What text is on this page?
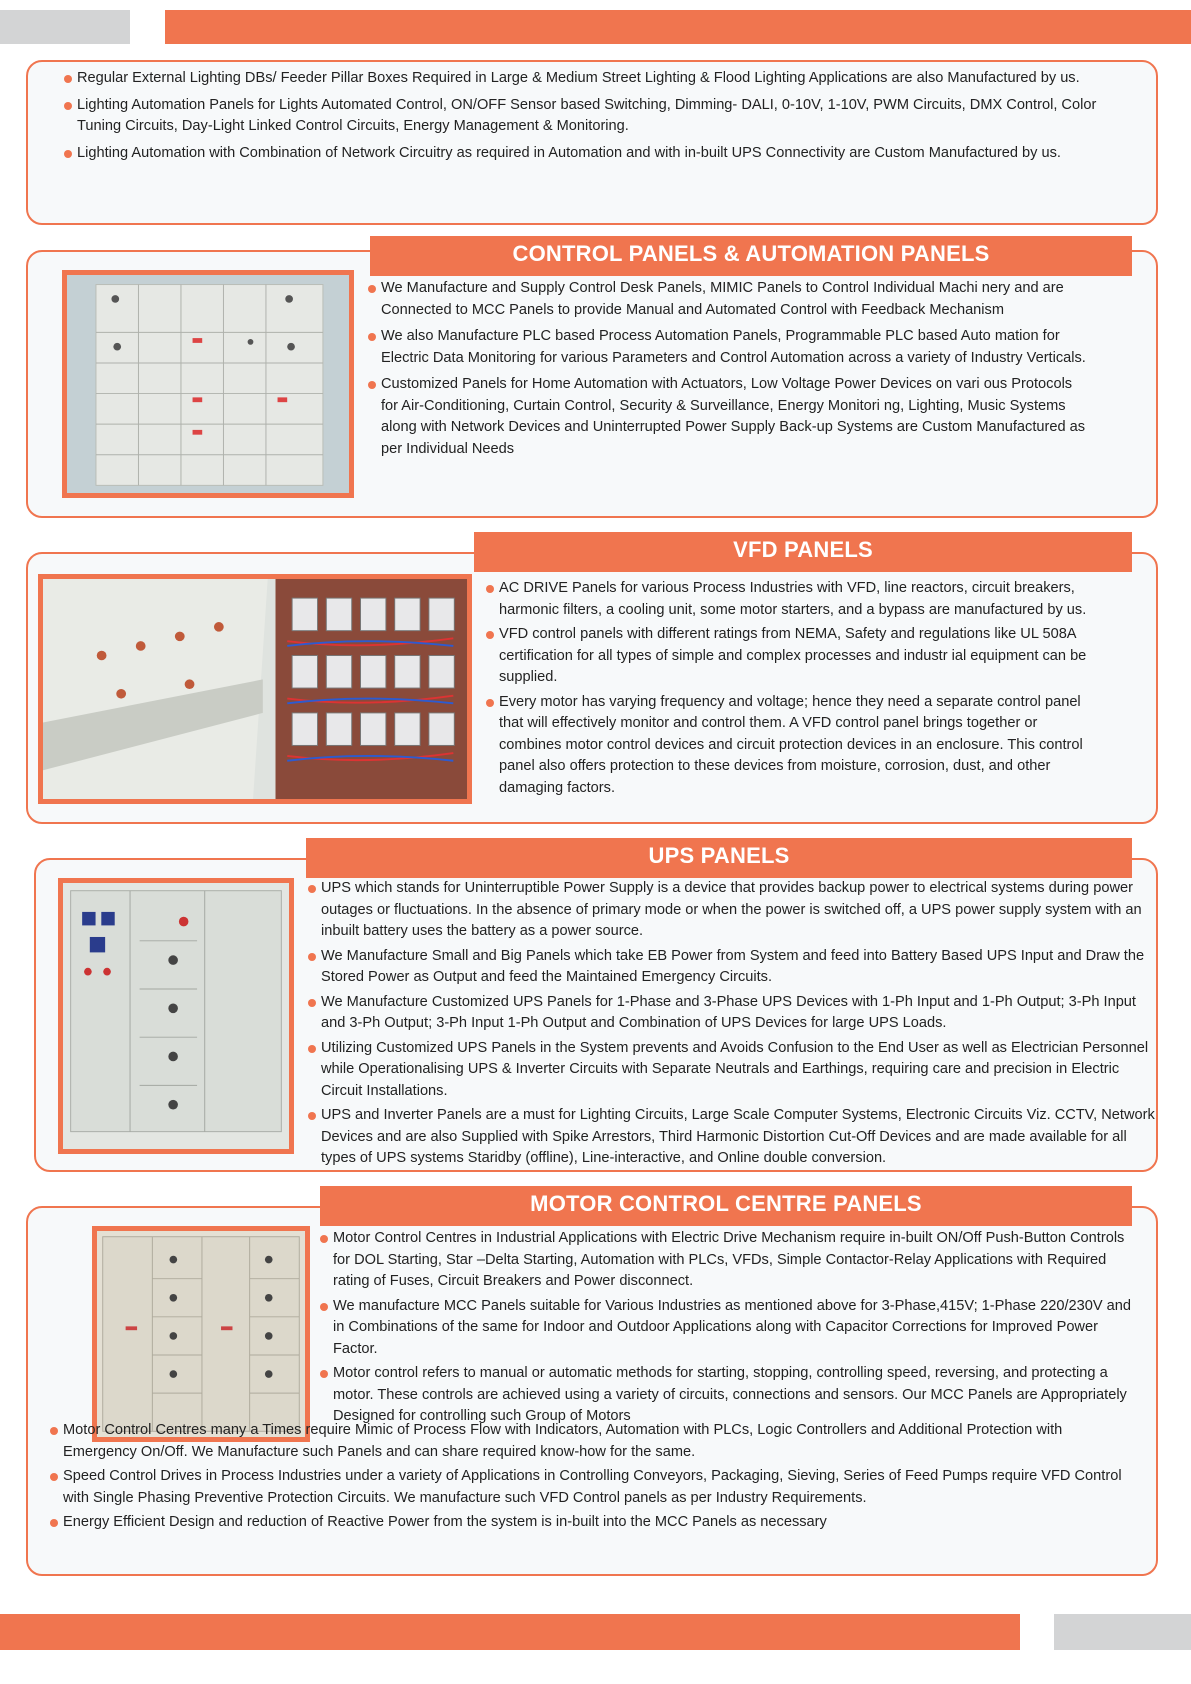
Regular External Lighting DBs/ Feeder Pillar Boxes Required in Large & Medium Street Lighting & Flood Lighting Applications are also Manufactured by us.
Lighting Automation Panels for Lights Automated Control, ON/OFF Sensor based Switching, Dimming- DALI, 0-10V, 1-10V, PWM Circuits, DMX Control, Color Tuning Circuits, Day-Light Linked Control Circuits, Energy Management & Monitoring.
Lighting Automation with Combination of Network Circuitry as required in Automation and with in-built UPS Connectivity are Custom Manufactured by us.
CONTROL PANELS & AUTOMATION PANELS
We Manufacture and Supply Control Desk Panels, MIMIC Panels to Control Individual Machi nery and are Connected to MCC Panels to provide Manual and Automated Control with Feedback Mechanism
We also Manufacture PLC based Process Automation Panels, Programmable PLC based Auto mation for Electric Data Monitoring for various Parameters and Control Automation across a variety of Industry Verticals.
Customized Panels for Home Automation with Actuators, Low Voltage Power Devices on vari ous Protocols for Air-Conditioning, Curtain Control, Security & Surveillance, Energy Monitori ng, Lighting, Music Systems along with Network Devices and Uninterrupted Power Supply Back-up Systems are Custom Manufactured as per Individual Needs
VFD PANELS
AC DRIVE Panels for various Process Industries with VFD, line reactors, circuit breakers, harmonic filters, a cooling unit, some motor starters, and a bypass are manufactured by us.
VFD control panels with different ratings from NEMA, Safety and regulations like UL 508A certification for all types of simple and complex processes and industr ial equipment can be supplied.
Every motor has varying frequency and voltage; hence they need a separate control panel that will effectively monitor and control them. A VFD control panel brings together or combines motor control devices and circuit protection devices in an enclosure. This control panel also offers protection to these devices from moisture, corrosion, dust, and other damaging factors.
UPS PANELS
UPS which stands for Uninterruptible Power Supply is a device that provides backup power to electrical systems during power outages or fluctuations. In the absence of primary mode or when the power is switched off, a UPS power supply system with an inbuilt battery uses the battery as a power source.
We Manufacture Small and Big Panels which take EB Power from System and feed into Battery Based UPS Input and Draw the Stored Power as Output and feed the Maintained Emergency Circuits.
We Manufacture Customized UPS Panels for 1-Phase and 3-Phase UPS Devices with 1-Ph Input and 1-Ph Output; 3-Ph Input and 3-Ph Output; 3-Ph Input 1-Ph Output and Combination of UPS Devices for large UPS Loads.
Utilizing Customized UPS Panels in the System prevents and Avoids Confusion to the End User as well as Electrician Personnel while Operationalising UPS & Inverter Circuits with Separate Neutrals and Earthings, requiring care and precision in Electric Circuit Installations.
UPS and Inverter Panels are a must for Lighting Circuits, Large Scale Computer Systems, Electronic Circuits Viz. CCTV, Network Devices and are also Supplied with Spike Arrestors, Third Harmonic Distortion Cut-Off Devices and are made available for all types of UPS systems Staridby (offline), Line-interactive, and Online double conversion.
MOTOR CONTROL CENTRE PANELS
Motor Control Centres in Industrial Applications with Electric Drive Mechanism require in-built ON/Off Push-Button Controls for DOL Starting, Star –Delta Starting, Automation with PLCs, VFDs, Simple Contactor-Relay Applications with Required rating of Fuses, Circuit Breakers and Power disconnect.
We manufacture MCC Panels suitable for Various Industries as mentioned above for 3-Phase,415V; 1-Phase 220/230V and in Combinations of the same for Indoor and Outdoor Applications along with Capacitor Corrections for Improved Power Factor.
Motor control refers to manual or automatic methods for starting, stopping, controlling speed, reversing, and protecting a motor. These controls are achieved using a variety of circuits, connections and sensors. Our MCC Panels are Appropriately Designed for controlling such Group of Motors
Motor Control Centres many a Times require Mimic of Process Flow with Indicators, Automation with PLCs, Logic Controllers and Additional Protection with Emergency On/Off. We Manufacture such Panels and can share required know-how for the same.
Speed Control Drives in Process Industries under a variety of Applications in Controlling Conveyors, Packaging, Sieving, Series of Feed Pumps require VFD Control with Single Phasing Preventive Protection Circuits. We manufacture such VFD Control panels as per Industry Requirements.
Energy Efficient Design and reduction of Reactive Power from the system is in-built into the MCC Panels as necessary
